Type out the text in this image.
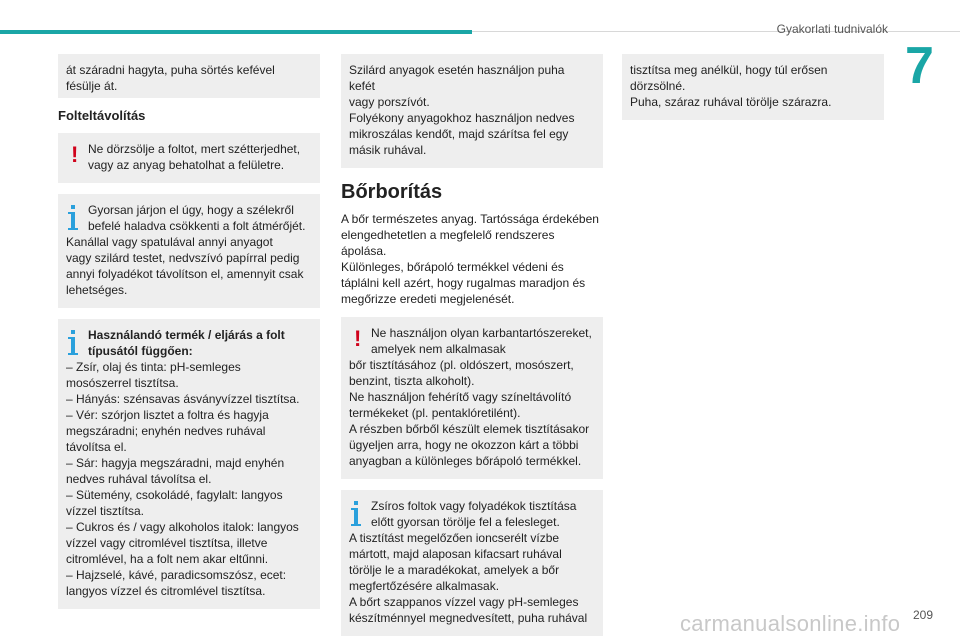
Gyakorlati tudnivalók
7

át száradni hagyta, puha sörtés kefével

fésülje át.

Folteltávolítás

! Ne dörzsölje a foltot, mert szétterjedhet,

vagy az anyag behatolhat a felületre.

Gyorsan járjon el úgy, hogy a szélekről

befelé haladva csökkenti a folt átmérőjét.

Kanállal vagy spatulával annyi anyagot

vagy szilárd testet, nedvszívó papírral pedig

annyi folyadékot távolítson el, amennyit csak

lehetséges.

Használandó termék / eljárás a folt

típusától függően:

– Zsír, olaj és tinta: pH-semleges

mosószerrel tisztítsa.

– Hányás: szénsavas ásványvízzel tisztítsa.

– Vér: szórjon lisztet a foltra és hagyja

megszáradni; enyhén nedves ruhával

távolítsa el.

– Sár: hagyja megszáradni, majd enyhén

nedves ruhával távolítsa el.

– Sütemény, csokoládé, fagylalt: langyos

vízzel tisztítsa.

– Cukros és / vagy alkoholos italok: langyos

vízzel vagy citromlével tisztítsa, illetve

citromlével, ha a folt nem akar eltűnni.

– Hajzselé, kávé, paradicsomszósz, ecet:

langyos vízzel és citromlével tisztítsa.

Szilárd anyagok esetén használjon puha kefét

vagy porszívót.

Folyékony anyagokhoz használjon nedves

mikroszálas kendőt, majd szárítsa fel egy

másik ruhával.

Bőrborítás

A bőr természetes anyag. Tartóssága érdekében

elengedhetetlen a megfelelő rendszeres

ápolása.

Különleges, bőrápoló termékkel védeni és

táplálni kell azért, hogy rugalmas maradjon és

megőrizze eredeti megjelenését.

! Ne használjon olyan karbantartószereket,

amelyek nem alkalmasak

bőr tisztításához (pl. oldószert, mosószert,

benzint, tiszta alkoholt).

Ne használjon fehérítő vagy színeltávolító

termékeket (pl. pentaklóretilént).

A részben bőrből készült elemek tisztításakor

ügyeljen arra, hogy ne okozzon kárt a többi

anyagban a különleges bőrápoló termékkel.

Zsíros foltok vagy folyadékok tisztítása

előtt gyorsan törölje fel a felesleget.

A tisztítást megelőzően ioncserélt vízbe

mártott, majd alaposan kifacsart ruhával

törölje le a maradékokat, amelyek a bőr

megfertőzésére alkalmasak.

A bőrt szappanos vízzel vagy pH-semleges

készítménnyel megnedvesített, puha ruhával

tisztítsa meg anélkül, hogy túl erősen

dörzsölné.

Puha, száraz ruhával törölje szárazra.

carmanualsonline.info 209
